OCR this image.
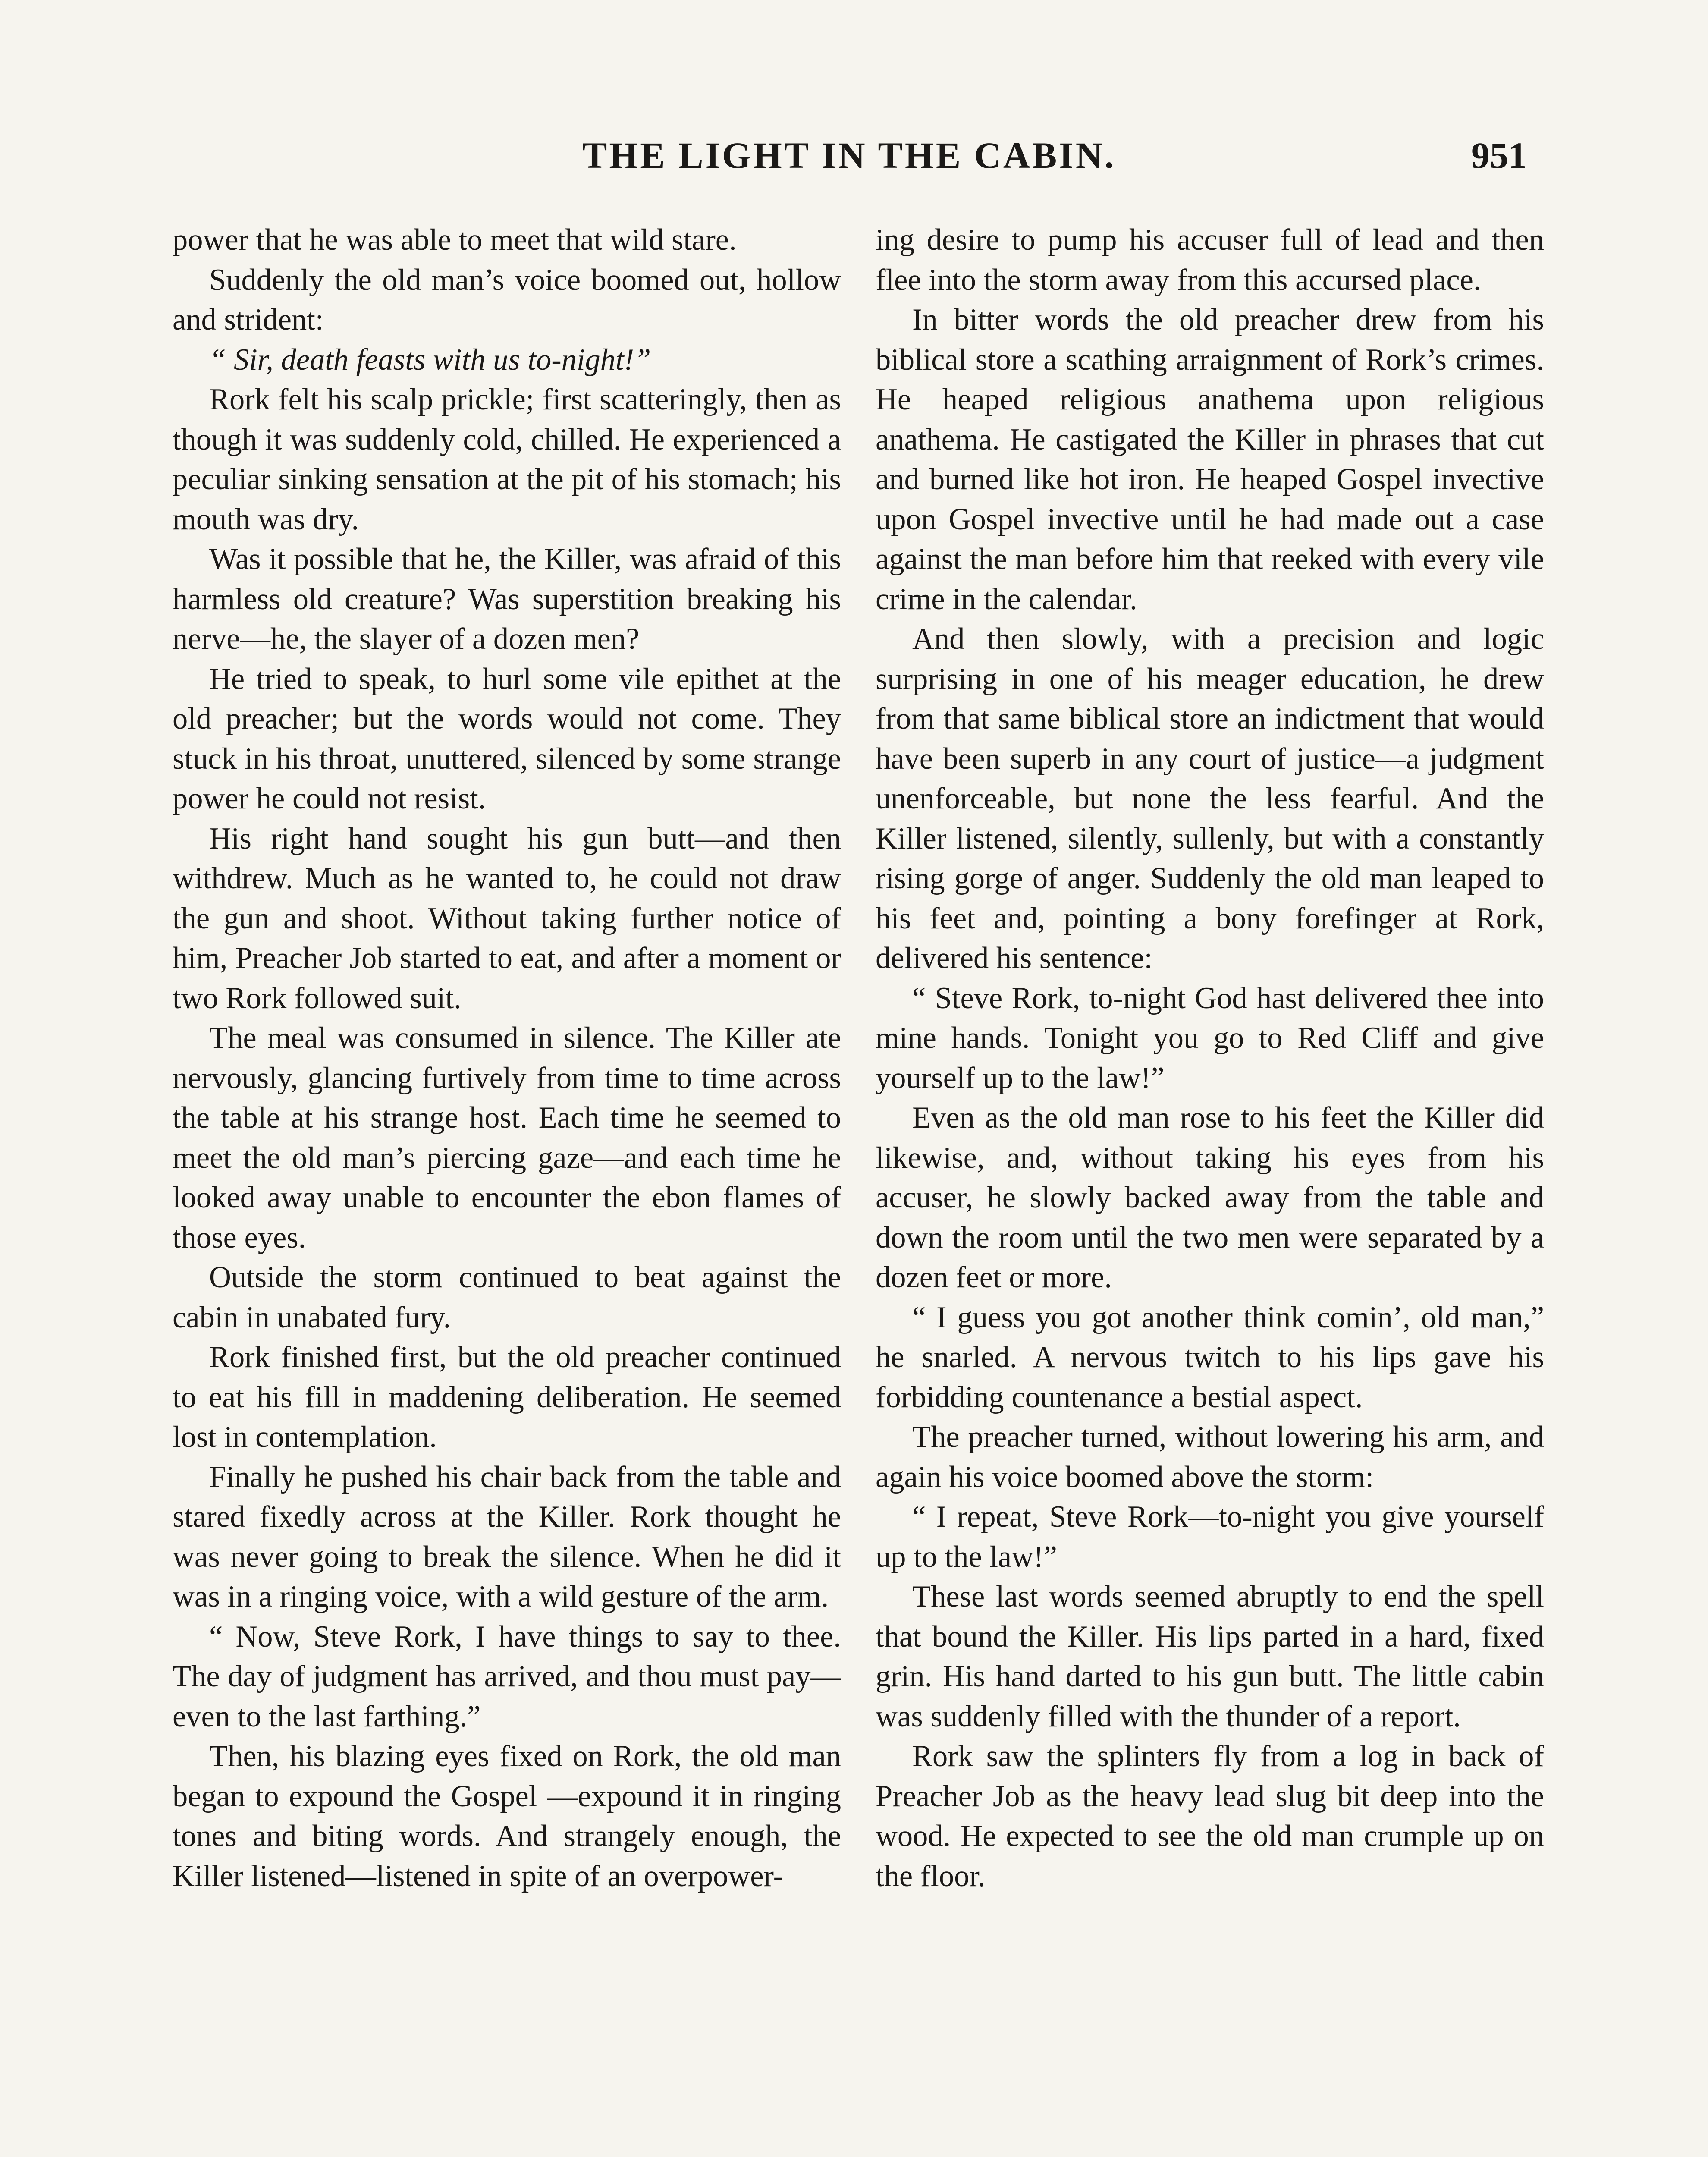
THE LIGHT IN THE CABIN.	951

power that he was able to meet that wild stare.

Suddenly the old man’s voice boomed out, hollow and strident:

“ Sir, death feasts with us to-night!”

Rork felt his scalp prickle; first scatteringly, then as though it was suddenly cold, chilled. He experienced a peculiar sinking sensation at the pit of his stomach; his mouth was dry.

Was it possible that he, the Killer, was afraid of this harmless old creature? Was superstition breaking his nerve—he, the slayer of a dozen men?

He tried to speak, to hurl some vile epithet at the old preacher; but the words would not come. They stuck in his throat, unuttered, silenced by some strange power he could not resist.

His right hand sought his gun butt—and then withdrew. Much as he wanted to, he could not draw the gun and shoot. Without taking further notice of him, Preacher Job started to eat, and after a moment or two Rork followed suit.

The meal was consumed in silence. The Killer ate nervously, glancing furtively from time to time across the table at his strange host. Each time he seemed to meet the old man’s piercing gaze—and each time he looked away unable to encounter the ebon flames of those eyes.

Outside the storm continued to beat against the cabin in unabated fury.

Rork finished first, but the old preacher continued to eat his fill in maddening deliberation. He seemed lost in contemplation.

Finally he pushed his chair back from the table and stared fixedly across at the Killer. Rork thought he was never going to break the silence. When he did it was in a ringing voice, with a wild gesture of the arm.

“ Now, Steve Rork, I have things to say to thee. The day of judgment has arrived, and thou must pay—even to the last farthing.”

Then, his blazing eyes fixed on Rork, the old man began to expound the Gospel —expound it in ringing tones and biting words. And strangely enough, the Killer listened—listened in spite of an overpower-

ing desire to pump his accuser full of lead and then flee into the storm away from this accursed place.

In bitter words the old preacher drew from his biblical store a scathing arraignment of Rork’s crimes. He heaped religious anathema upon religious anathema. He castigated the Killer in phrases that cut and burned like hot iron. He heaped Gospel invective upon Gospel invective until he had made out a case against the man before him that reeked with every vile crime in the calendar.

And then slowly, with a precision and logic surprising in one of his meager education, he drew from that same biblical store an indictment that would have been superb in any court of justice—a judgment unenforceable, but none the less fearful. And the Killer listened, silently, sullenly, but with a constantly rising gorge of anger. Suddenly the old man leaped to his feet and, pointing a bony forefinger at Rork, delivered his sentence:

“ Steve Rork, to-night God hast delivered thee into mine hands. Tonight you go to Red Cliff and give yourself up to the law!”

Even as the old man rose to his feet the Killer did likewise, and, without taking his eyes from his accuser, he slowly backed away from the table and down the room until the two men were separated by a dozen feet or more.

“ I guess you got another think comin’, old man,” he snarled. A nervous twitch to his lips gave his forbidding countenance a bestial aspect.

The preacher turned, without lowering his arm, and again his voice boomed above the storm:

“ I repeat, Steve Rork—to-night you give yourself up to the law!”

These last words seemed abruptly to end the spell that bound the Killer. His lips parted in a hard, fixed grin. His hand darted to his gun butt. The little cabin was suddenly filled with the thunder of a report.

Rork saw the splinters fly from a log in back of Preacher Job as the heavy lead slug bit deep into the wood. He expected to see the old man crumple up on the floor.
